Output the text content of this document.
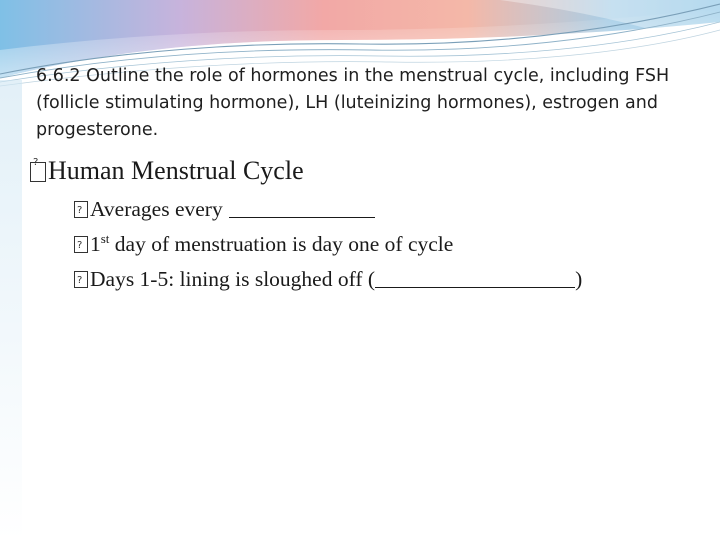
6.6.2 Outline the role of hormones in the menstrual cycle, including FSH (follicle stimulating hormone), LH (luteinizing hormones), estrogen and progesterone.

?Human Menstrual Cycle
?Averages every
?1st day of menstruation is day one of cycle
?Days 1-5: lining is sloughed off (	)
